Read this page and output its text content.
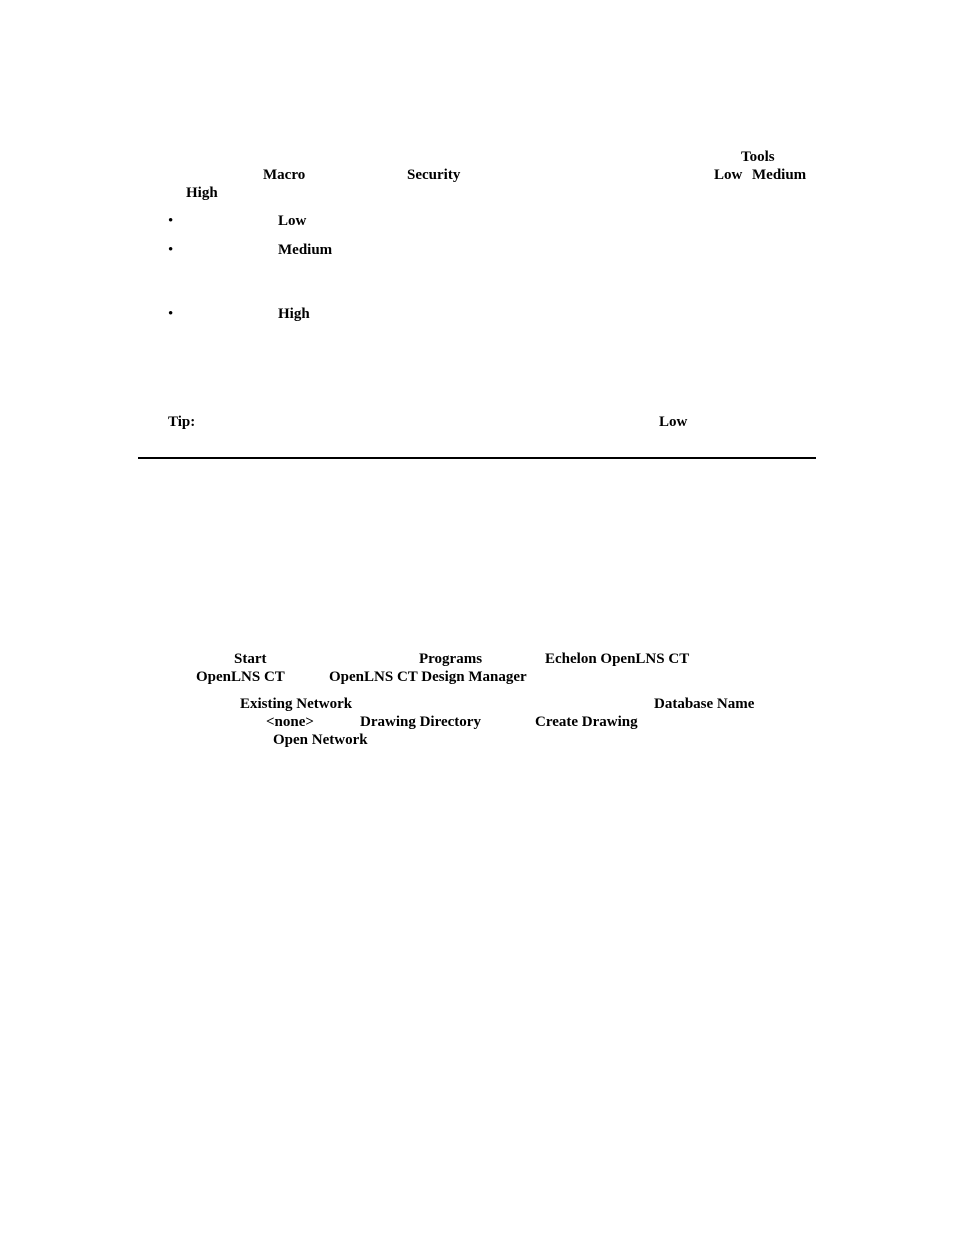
Tools
Macro	Security	Low Medium
High
•	Low
•	Medium
•	High
Tip:	Low
Start	Programs	Echelon OpenLNS CT
OpenLNS CT	OpenLNS CT Design Manager
Existing Network	Database Name
<none>	Drawing Directory	Create Drawing
Open Network
